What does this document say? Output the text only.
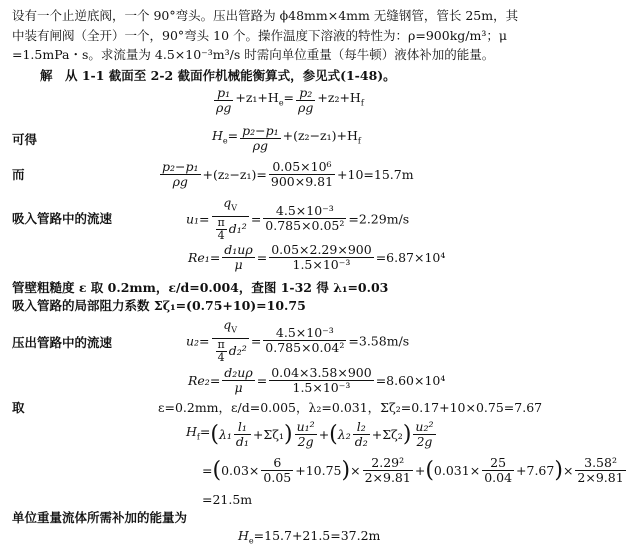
设有一个止逆底阀，一个 90°弯头。压出管路为 ϕ48mm×4mm 无缝钢管，管长 25m，其
中装有闸阀（全开）一个，90°弯头 10 个。操作温度下溶液的特性为：ρ=900kg/m³；μ
=1.5mPa・s。求流量为 4.5×10⁻³m³/s 时需向单位重量（每牛顿）液体补加的能量。
解　从 1-1 截面至 2-2 截面作机械能衡算式，参见式(1-48)。
$\frac{\text{p₁}}{\rho g} +z_1+H_e= \frac{\text{p₂}}{\rho g} +z_2+H_f$
可得	$H_e= \frac{\text{p₂−p₁}}{\rho g} +(z_2-z_1)+H_f$
而	$\frac{\text{p₂−p₁}}{\rho g} +(z_2-z_1)= \frac{\text{0.05×10⁶}}{900\times 9.81} +10=15.7m$
吸入管路中的流速	$u_1= \frac{q_V}{\frac{\pi}{4} d_1^2} = \frac{\text{4.5×10⁻³}}{\text{0.785×0.05²}} =2.29m/s$
$Re_1= \frac{\text{d₁uρ}}{\mu} = \frac{0.05\times 2.29\times 900}{\text{1.5×10⁻³}} =6.87\times 10^4$
管壁粗糙度 ε 取 0.2mm，ε/d=0.004，查图 1-32 得 λ₁=0.03
吸入管路的局部阻力系数 Σζ₁=(0.75+10)=10.75
压出管路中的流速	$u_2= \frac{q_V}{\frac{\pi}{4} d_2^2} = \frac{\text{4.5×10⁻³}}{\text{0.785×0.04²}} =3.58m/s$
$Re_2= \frac{\text{d₂uρ}}{\mu} = \frac{0.04\times 3.58\times 900}{\text{1.5×10⁻³}} =8.60\times 10^4$
取	ε=0.2mm，ε/d=0.005，λ₂=0.031，Σζ₂=0.17+10×0.75=7.67
$H_f=(\lambda_1 \frac{\text{l₁}}{\text{d₁}} +\Sigma\zeta_1) \frac{\text{u₁²}}{2g} +(\lambda_2 \frac{\text{l₂}}{\text{d₂}} +\Sigma\zeta_2) \frac{\text{u₂²}}{2g}$
$=(0.03\times \frac{6}{0.05} +10.75)\times \frac{\text{2.29²}}{2\times 9.81} +(0.031\times \frac{25}{0.04} +7.67)\times \frac{\text{3.58²}}{2\times 9.81}$
=21.5m
单位重量流体所需补加的能量为
$H_e=15.7+21.5=37.2m$
